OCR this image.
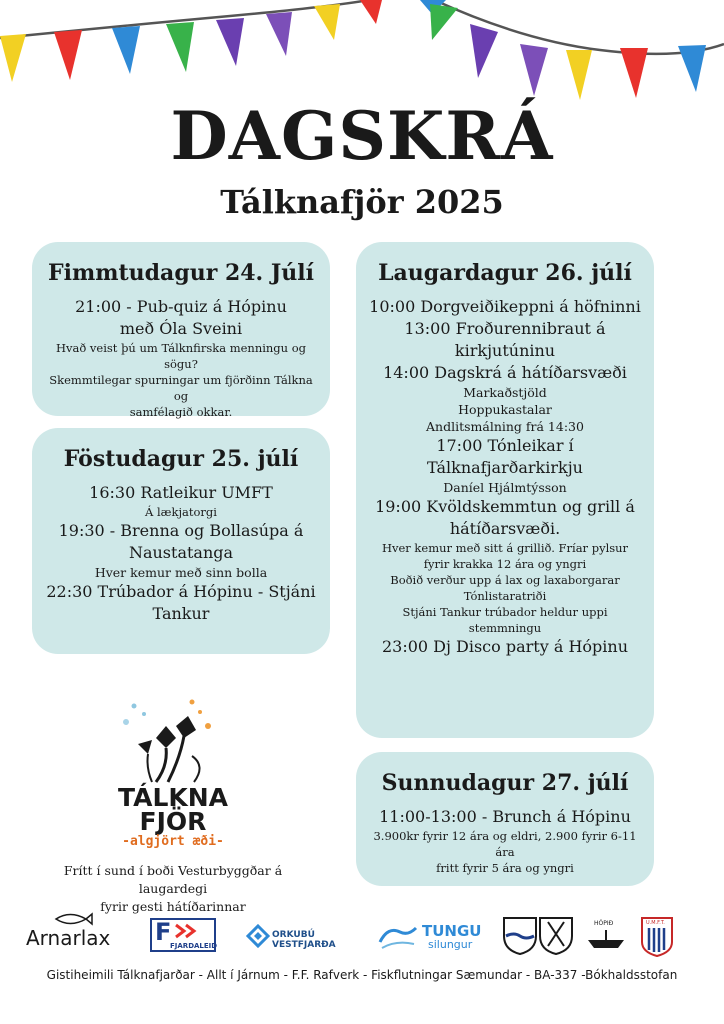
DAGSKRÁ
Tálknafjör 2025
Fimmtudagur 24. Júlí
21:00 - Pub-quiz á Hópinu
með Óla Sveini
Hvað veist þú um Tálknfirska menningu og sögu?
Skemmtilegar spurningar um fjörðinn Tálkna og
samfélagið okkar.
Föstudagur 25. júlí
16:30 Ratleikur UMFT
Á lækjatorgi
19:30 - Brenna og Bollasúpa á
Naustatanga
Hver kemur með sinn bolla
22:30 Trúbador á Hópinu - Stjáni
Tankur
Laugardagur 26. júlí
10:00 Dorgveiðikeppni á höfninni
13:00 Froðurennibraut á
kirkjutúninu
14:00 Dagskrá á hátíðarsvæði
Markaðstjöld
Hoppukastalar
Andlitsmálning frá 14:30
17:00 Tónleikar í
Tálknafjarðarkirkju
Daníel Hjálmtýsson
19:00 Kvöldskemmtun og grill á
hátíðarsvæði.
Hver kemur með sitt á grillið. Fríar pylsur
fyrir krakka 12 ára og yngri
Boðið verður upp á lax og laxaborgarar
Tónlistaratriði
Stjáni Tankur trúbador heldur uppi
stemmningu
23:00 Dj Disco party á Hópinu
Sunnudagur 27. júlí
11:00-13:00 - Brunch á Hópinu
3.900kr fyrir 12 ára og eldri, 2.900 fyrir 6-11 ára
fritt fyrir 5 ára og yngri
TÁLKNA
FJÖR
-algjört æði-
Frítt í sund í boði Vesturbyggðar á laugardegi
fyrir gesti hátíðarinnar
Arnarlax F
FJARDALEID
ORKUBÚ VESTFJARÐA
TUNGU
silungur
HÓPIÐ	U.M.F.T.
Gistiheimili Tálknafjarðar - Allt í Járnum - F.F. Rafverk - Fiskflutningar Sæmundar - BA-337 -Bókhaldsstofan
